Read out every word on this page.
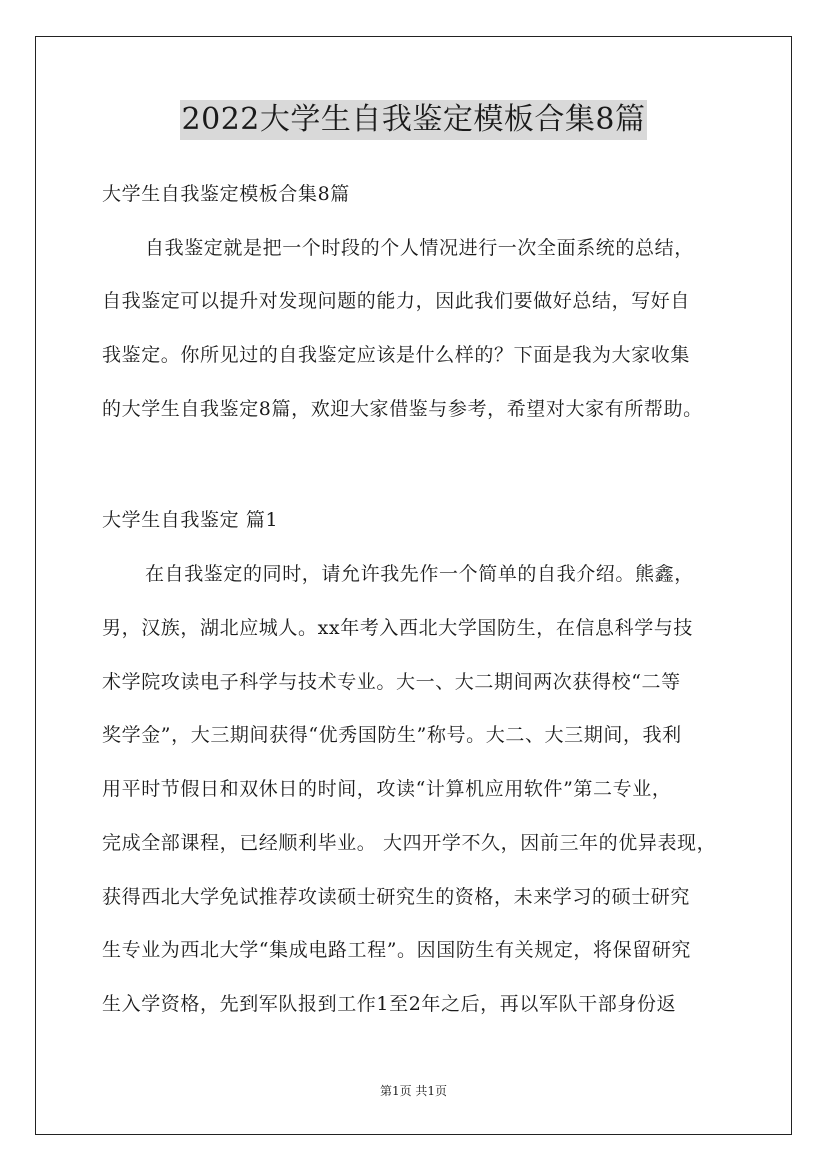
2022大学生自我鉴定模板合集8篇
大学生自我鉴定模板合集8篇
自我鉴定就是把一个时段的个人情况进行一次全面系统的总结，
自我鉴定可以提升对发现问题的能力，因此我们要做好总结，写好自
我鉴定。你所见过的自我鉴定应该是什么样的？下面是我为大家收集
的大学生自我鉴定8篇，欢迎大家借鉴与参考，希望对大家有所帮助。
大学生自我鉴定 篇1
在自我鉴定的同时，请允许我先作一个简单的自我介绍。熊鑫，
男，汉族，湖北应城人。xx年考入西北大学国防生，在信息科学与技
术学院攻读电子科学与技术专业。大一、大二期间两次获得校“二等
奖学金”，大三期间获得“优秀国防生”称号。大二、大三期间，我利
用平时节假日和双休日的时间，攻读“计算机应用软件”第二专业，
完成全部课程，已经顺利毕业。 大四开学不久，因前三年的优异表现，
获得西北大学免试推荐攻读硕士研究生的资格，未来学习的硕士研究
生专业为西北大学“集成电路工程”。因国防生有关规定，将保留研究
生入学资格，先到军队报到工作1至2年之后，再以军队干部身份返
第1页 共1页
